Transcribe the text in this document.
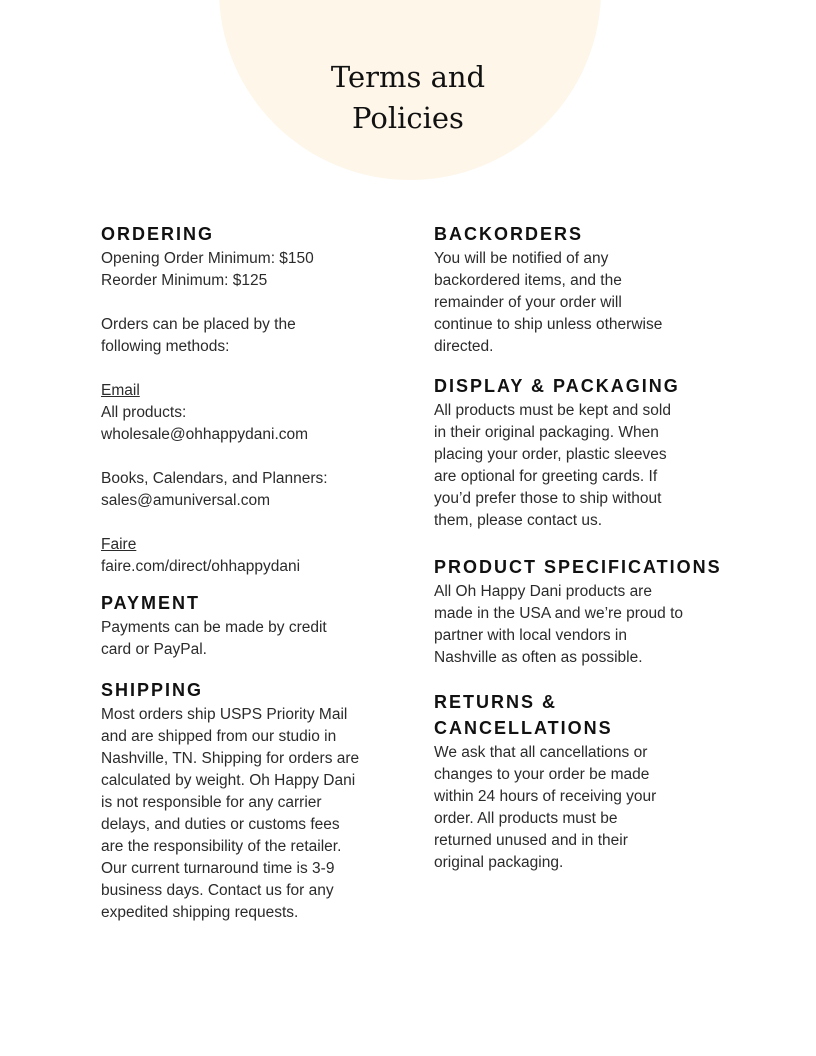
Terms and
Policies
ORDERING

Opening Order Minimum: $150
Reorder Minimum: $125

Orders can be placed by the
following methods:

Email

All products:
wholesale@ohhappydani.com

Books, Calendars, and Planners:
sales@amuniversal.com

Faire

faire.com/direct/ohhappydani

PAYMENT

Payments can be made by credit
card or PayPal.

SHIPPING

Most orders ship USPS Priority Mail
and are shipped from our studio in
Nashville, TN. Shipping for orders are
calculated by weight. Oh Happy Dani
is not responsible for any carrier
delays, and duties or customs fees
are the responsibility of the retailer.
Our current turnaround time is 3-9
business days. Contact us for any
expedited shipping requests.

BACKORDERS

You will be notified of any
backordered items, and the
remainder of your order will
continue to ship unless otherwise
directed.

DISPLAY & PACKAGING

All products must be kept and sold
in their original packaging. When
placing your order, plastic sleeves
are optional for greeting cards. If
you’d prefer those to ship without
them, please contact us.

PRODUCT SPECIFICATIONS

All Oh Happy Dani products are
made in the USA and we’re proud to
partner with local vendors in
Nashville as often as possible.

RETURNS &
CANCELLATIONS

We ask that all cancellations or
changes to your order be made
within 24 hours of receiving your
order. All products must be
returned unused and in their
original packaging.
